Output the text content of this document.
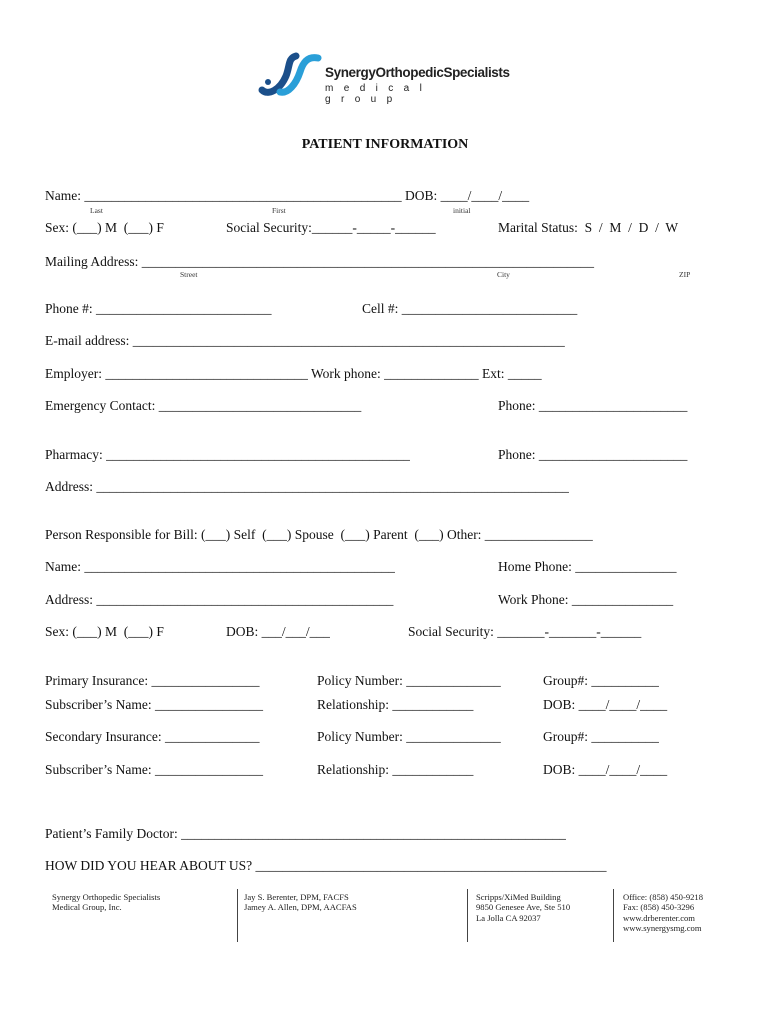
SynergyOrthopedicSpecialists
medical group
PATIENT INFORMATION
Name: _______________________________________________ DOB: ____/____/____
Last	First	initial
Sex: (___) M  (___) F	Social Security:______-_____-______	Marital Status:  S  /  M  /  D  /  W
Mailing Address: ___________________________________________________________________
Street	City	ZIP
Phone #: __________________________	Cell #: __________________________
E-mail address: ________________________________________________________________
Employer: ______________________________ Work phone: ______________ Ext: _____
Emergency Contact: ______________________________	Phone: ______________________
Pharmacy: _____________________________________________	Phone: ______________________
Address: ______________________________________________________________________
Person Responsible for Bill: (___) Self  (___) Spouse  (___) Parent  (___) Other: ________________
Name: ______________________________________________	Home Phone: _______________
Address: ____________________________________________	Work Phone: _______________
Sex: (___) M  (___) F	DOB: ___/___/___	Social Security: _______-_______-______
Primary Insurance: ________________	Policy Number: ______________	Group#: __________
Subscriber’s Name: ________________	Relationship: ____________	DOB: ____/____/____
Secondary Insurance: ______________	Policy Number: ______________	Group#: __________
Subscriber’s Name: ________________	Relationship: ____________	DOB: ____/____/____
Patient’s Family Doctor: _________________________________________________________
HOW DID YOU HEAR ABOUT US? ____________________________________________________
Synergy Orthopedic Specialists
Medical Group, Inc.
Jay S. Berenter, DPM, FACFS
Jamey A. Allen, DPM, AACFAS
Scripps/XiMed Building
9850 Genesee Ave, Ste 510
La Jolla CA 92037
Office: (858) 450-9218
Fax: (858) 450-3296
www.drberenter.com
www.synergysmg.com
